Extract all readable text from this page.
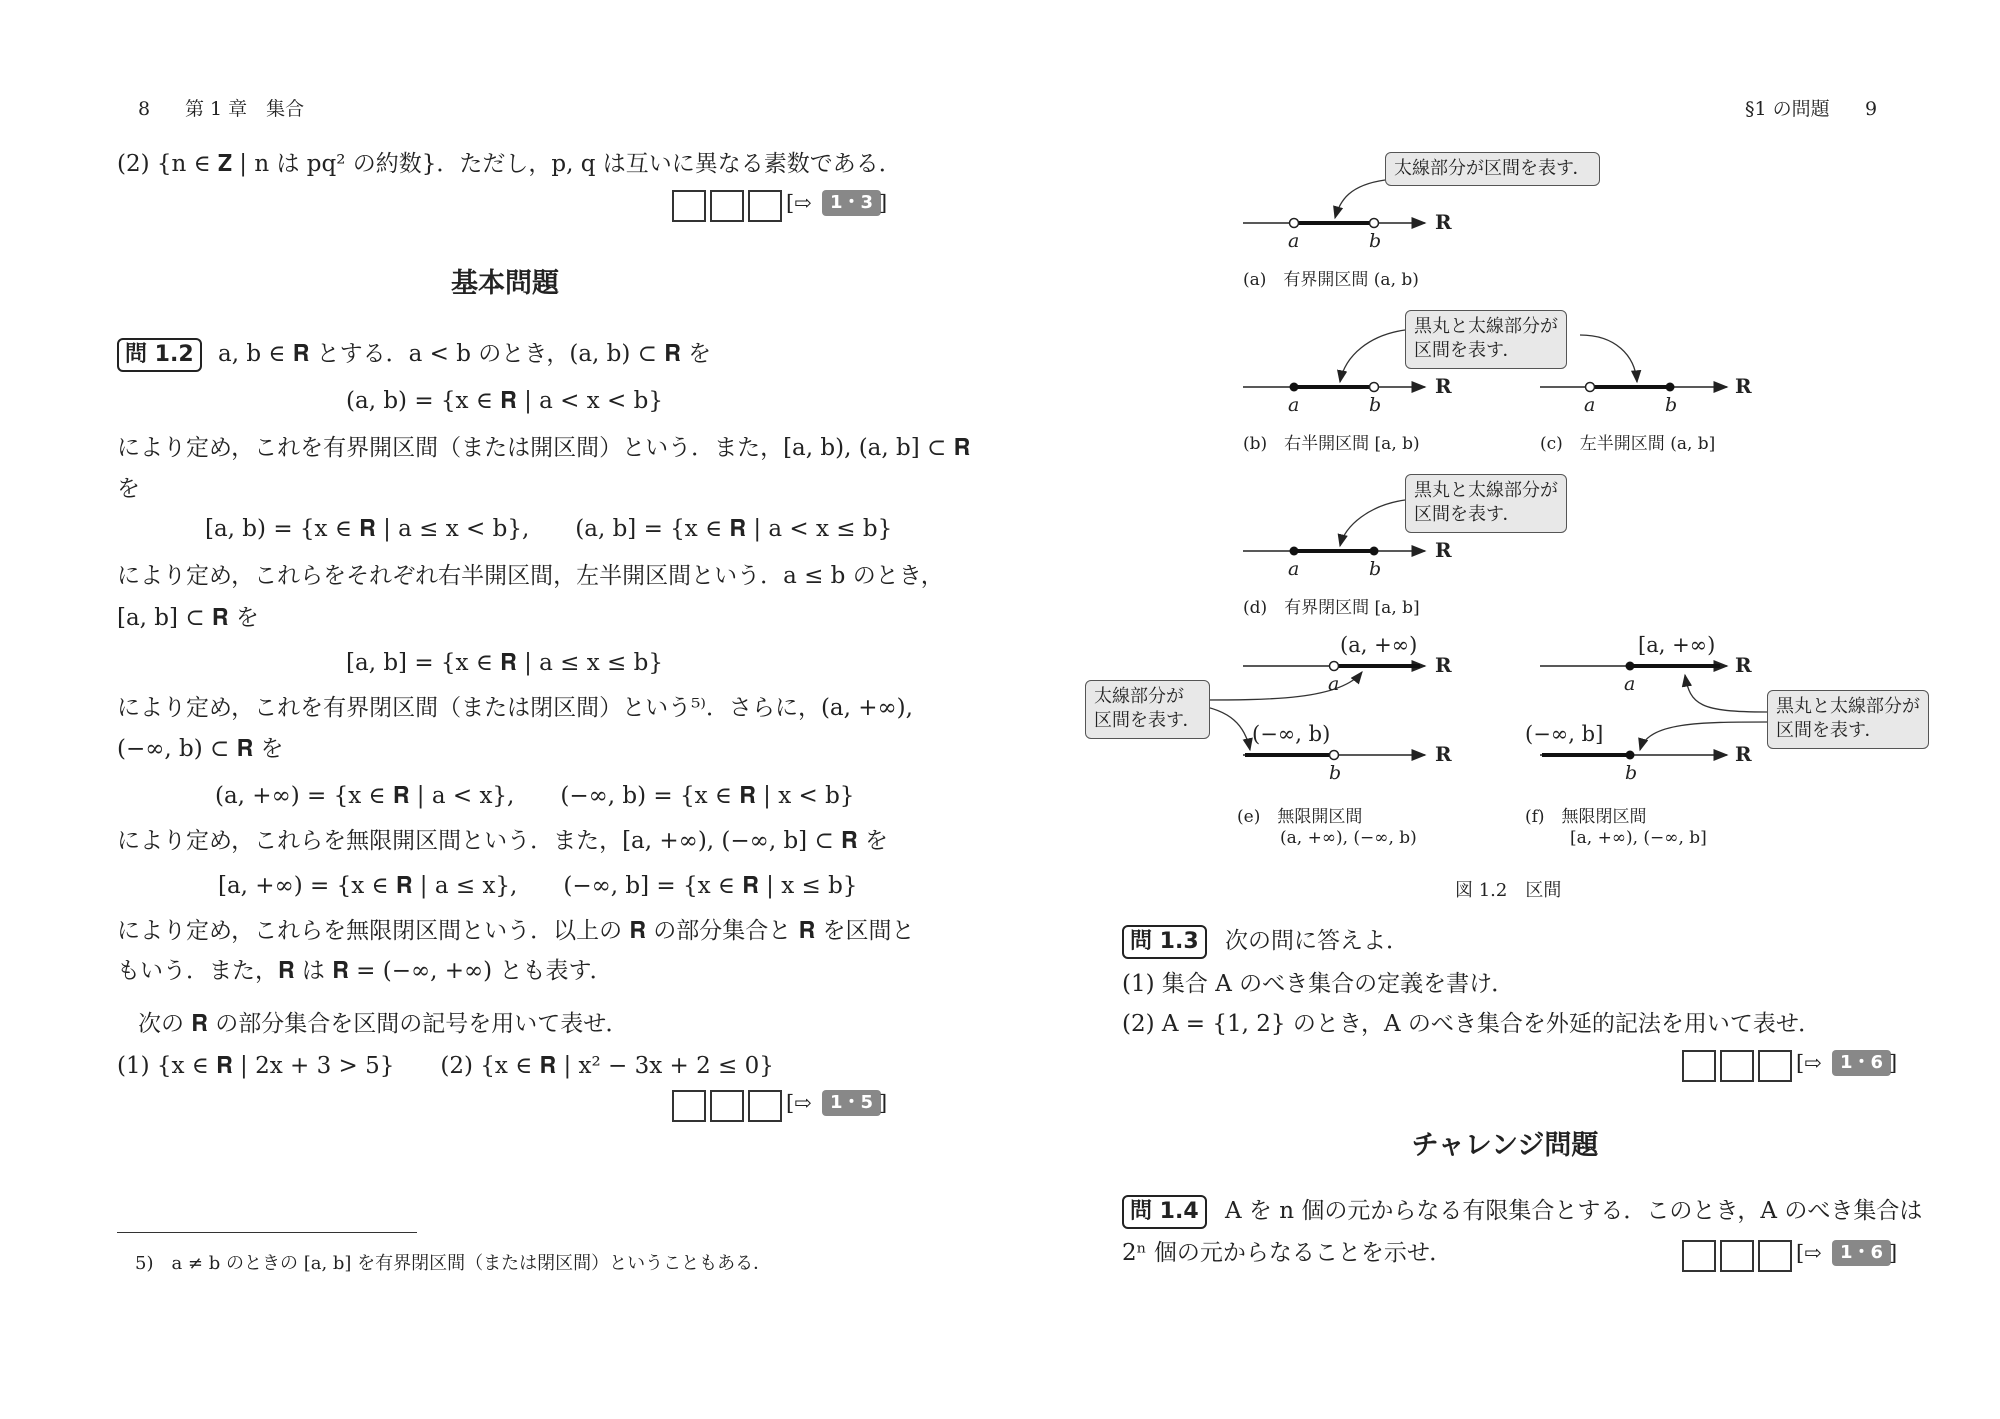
8 第 1 章　集合
(2) {n ∈ 𝐙 | n は pq² の約数}．ただし，p, q は互いに異なる素数である．
[⇨	1・3 ]
基本問題
問 1.2	a, b ∈ 𝐑 とする．a < b のとき，(a, b) ⊂ 𝐑 を
(a, b) = {x ∈ 𝐑 | a < x < b}
により定め，これを有界開区間（または開区間）という．また，[a, b), (a, b] ⊂ 𝐑
を
[a, b) = {x ∈ 𝐑 | a ≤ x < b},　　(a, b] = {x ∈ 𝐑 | a < x ≤ b}
により定め，これらをそれぞれ右半開区間，左半開区間という．a ≤ b のとき，
[a, b] ⊂ 𝐑 を
[a, b] = {x ∈ 𝐑 | a ≤ x ≤ b}
により定め，これを有界閉区間（または閉区間）という⁵⁾．さらに，(a, +∞),
(−∞, b) ⊂ 𝐑 を
(a, +∞) = {x ∈ 𝐑 | a < x},　　(−∞, b) = {x ∈ 𝐑 | x < b}
により定め，これらを無限開区間という．また，[a, +∞), (−∞, b] ⊂ 𝐑 を
[a, +∞) = {x ∈ 𝐑 | a ≤ x},　　(−∞, b] = {x ∈ 𝐑 | x ≤ b}
により定め，これらを無限閉区間という．以上の 𝐑 の部分集合と 𝐑 を区間と
もいう．また，𝐑 は 𝐑 = (−∞, +∞) とも表す．
次の 𝐑 の部分集合を区間の記号を用いて表せ．
(1) {x ∈ 𝐑 | 2x + 3 > 5}　　(2) {x ∈ 𝐑 | x² − 3x + 2 ≤ 0}
[⇨	1・5 ]
5)　a ≠ b のときの [a, b] を有界閉区間（または閉区間）ということもある．
§1 の問題 9
R
R	R
R
R
R
R
R
a	b
a	b	a	b
a	b
a
b
a
b
(a, +∞)
(−∞, b)
[a, +∞)
(−∞, b]
太線部分が区間を表す．
黒丸と太線部分が
区間を表す．
黒丸と太線部分が
区間を表す．
太線部分が
区間を表す．
黒丸と太線部分が
区間を表す．
(a)　有界開区間 (a, b)
(b)　右半開区間 [a, b)	(c)　左半開区間 (a, b]
(d)　有界閉区間 [a, b]
(e)　無限開区間
(a, +∞), (−∞, b)
(f)　無限閉区間
[a, +∞), (−∞, b]
図 1.2　区間
問 1.3	次の問に答えよ．
(1) 集合 A のべき集合の定義を書け．
(2) A = {1, 2} のとき，A のべき集合を外延的記法を用いて表せ．
[⇨	1・6 ]
チャレンジ問題
問 1.4	A を n 個の元からなる有限集合とする．このとき，A のべき集合は
2ⁿ 個の元からなることを示せ．	[⇨	1・6 ]
